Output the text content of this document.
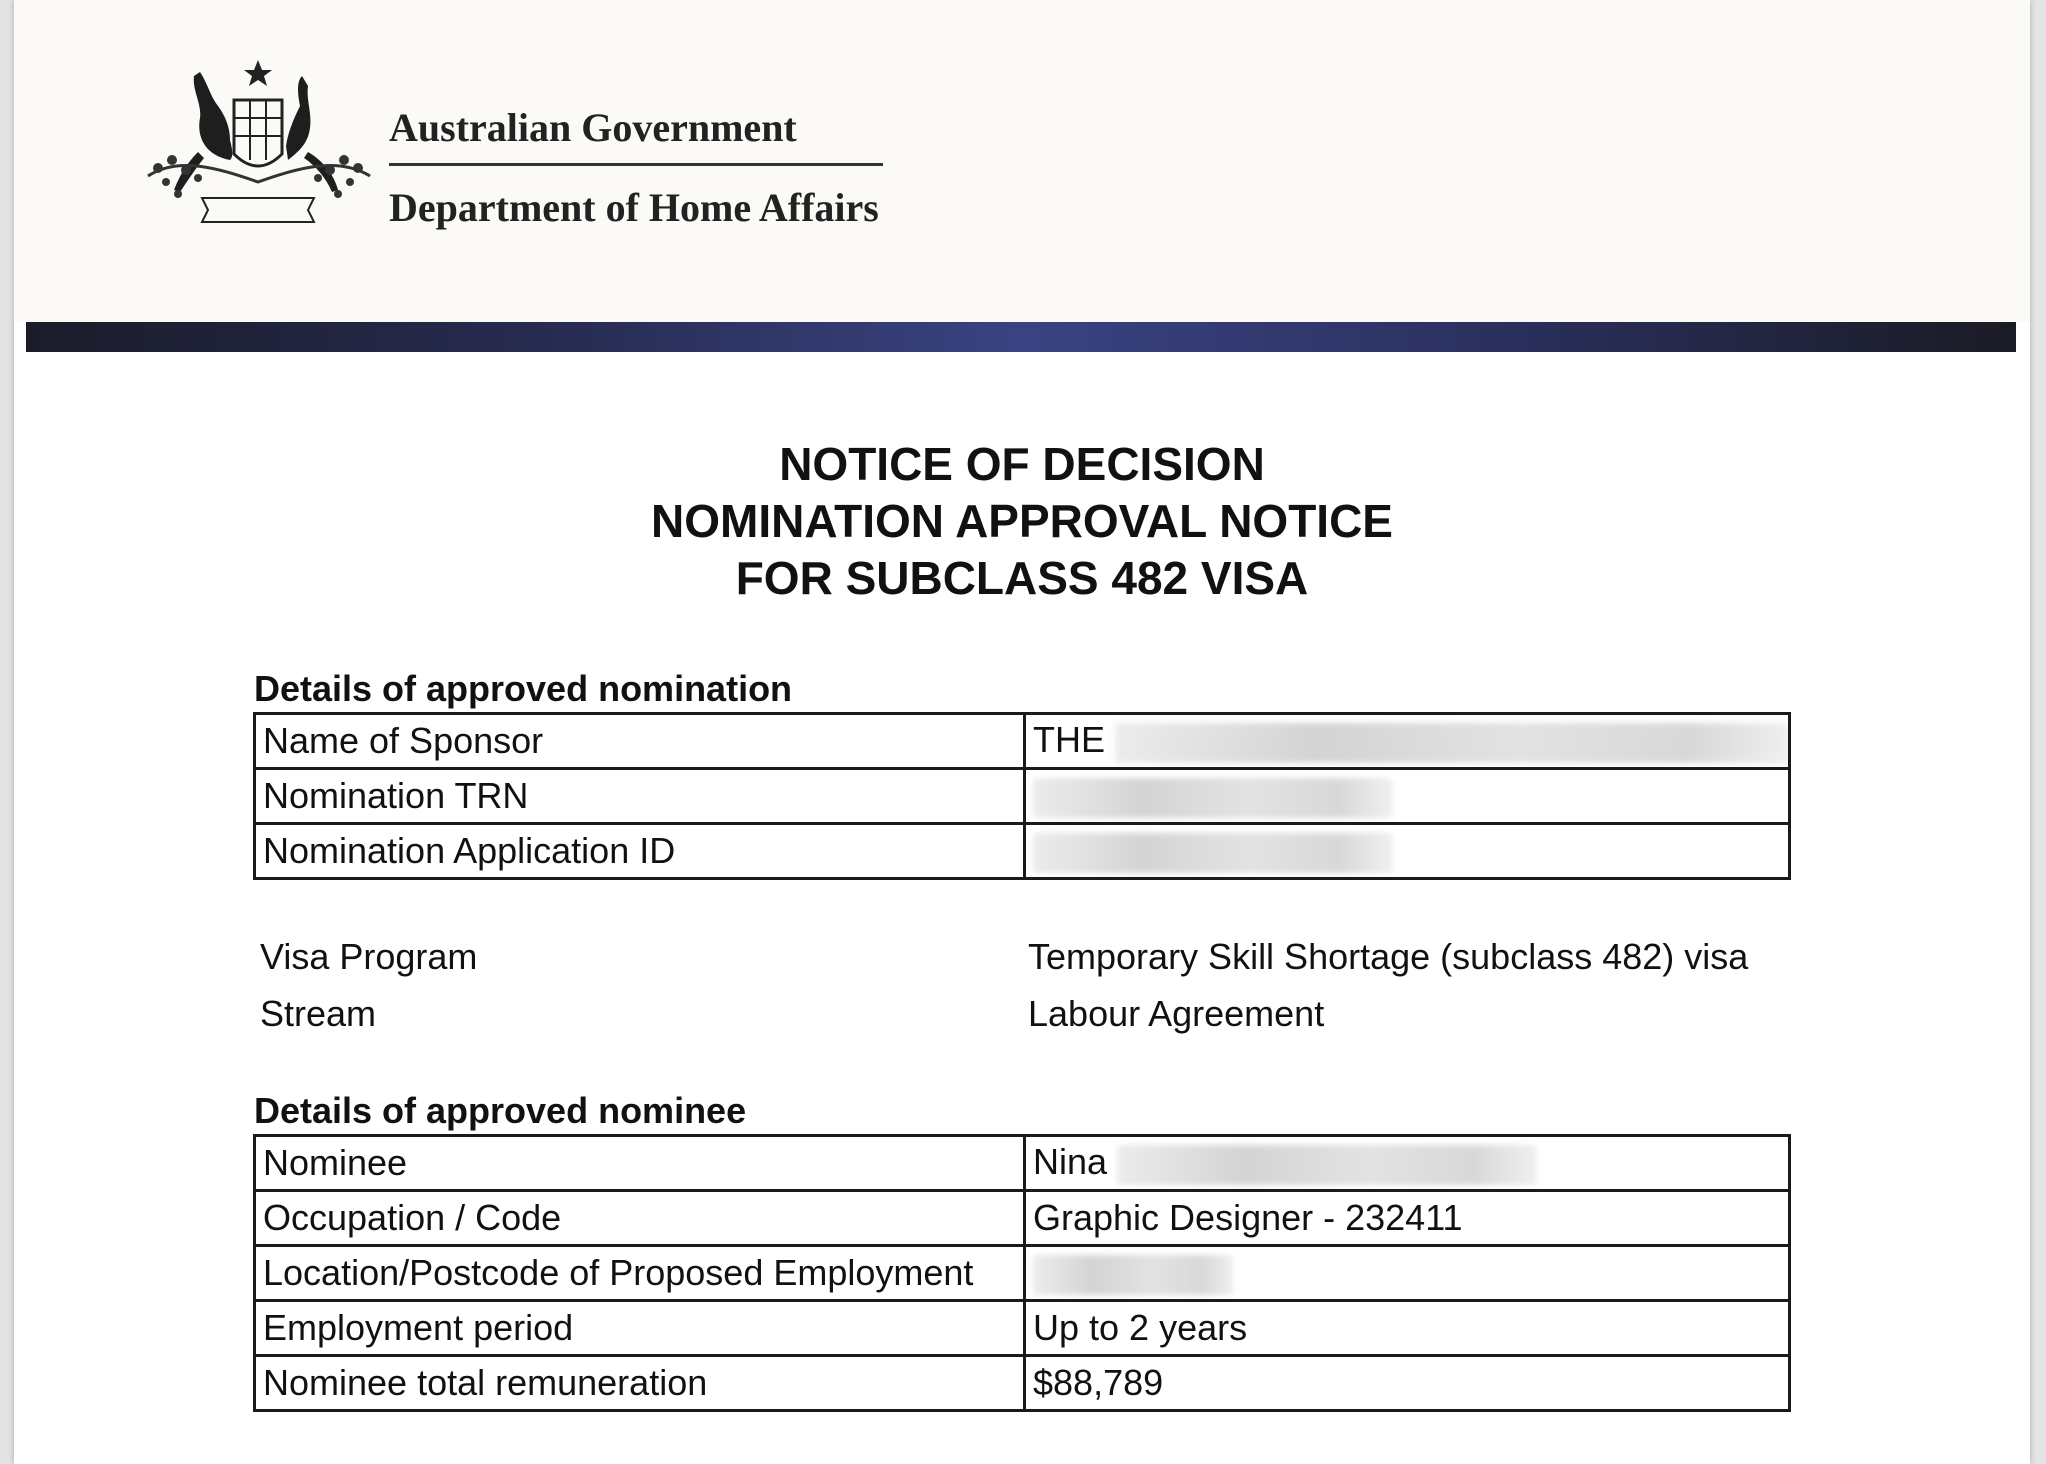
Australian Government
Department of Home Affairs
NOTICE OF DECISION
NOMINATION APPROVAL NOTICE
FOR SUBCLASS 482 VISA
Details of approved nomination
Name of Sponsor	THE
Nomination TRN	
Nomination Application ID	
Visa Program	Temporary Skill Shortage (subclass 482) visa
Stream	Labour Agreement
Details of approved nominee
Nominee	Nina
Occupation / Code	Graphic Designer - 232411
Location/Postcode of Proposed Employment	
Employment period	Up to 2 years
Nominee total remuneration	$88,789
